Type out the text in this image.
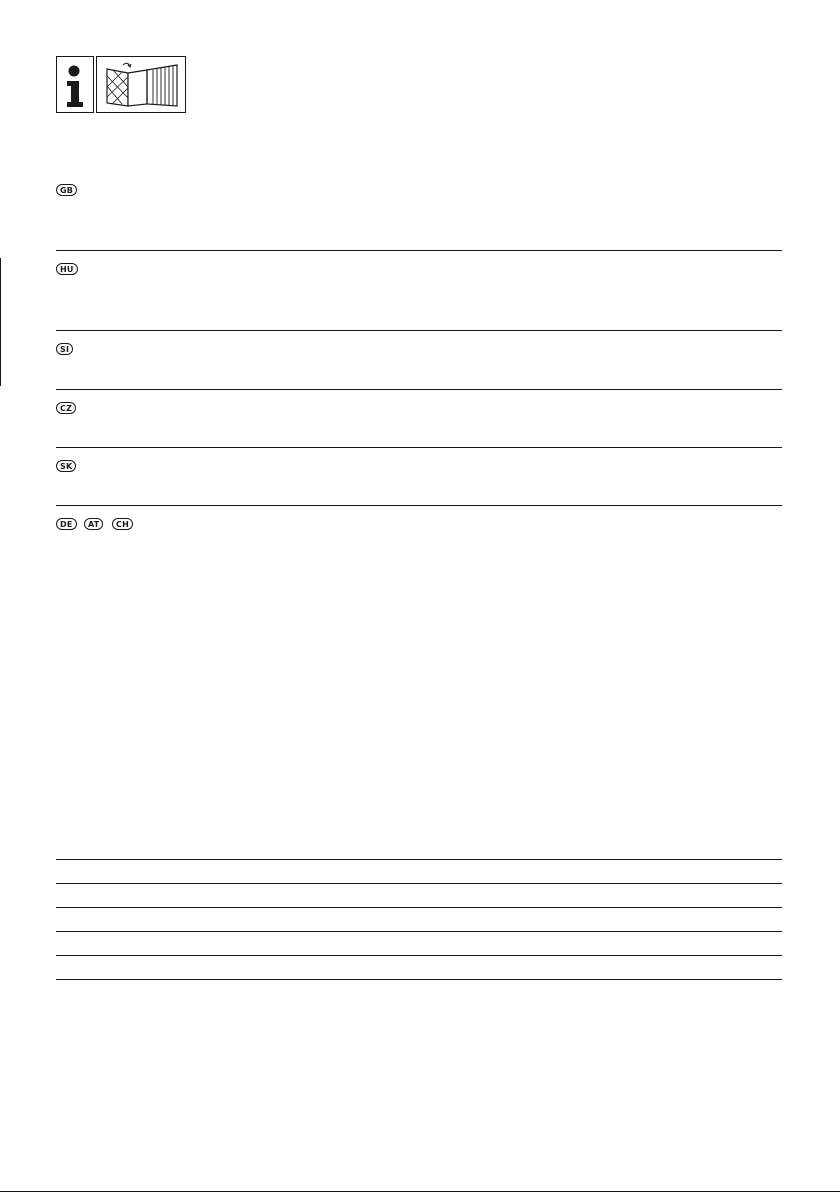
GB
HU
SI
CZ
SK
DE	AT	CH
